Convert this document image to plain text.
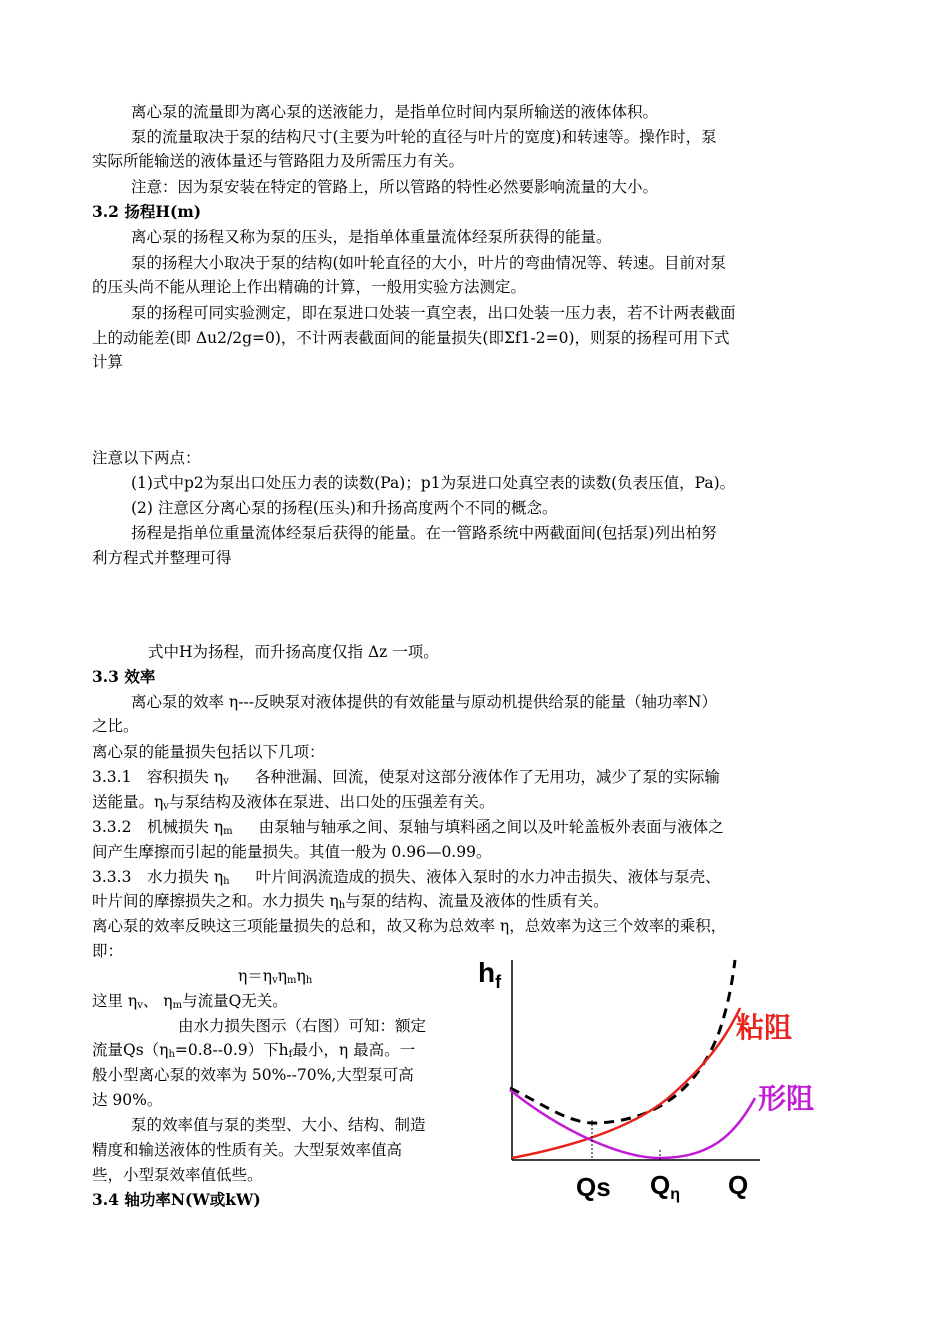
离心泵的流量即为离心泵的送液能力，是指单位时间内泵所输送的液体体积。
泵的流量取决于泵的结构尺寸(主要为叶轮的直径与叶片的宽度)和转速等。操作时，泵
实际所能输送的液体量还与管路阻力及所需压力有关。
注意：因为泵安装在特定的管路上，所以管路的特性必然要影响流量的大小。
3.2 扬程H(m)
离心泵的扬程又称为泵的压头，是指单体重量流体经泵所获得的能量。
泵的扬程大小取决于泵的结构(如叶轮直径的大小，叶片的弯曲情况等、转速。目前对泵
的压头尚不能从理论上作出精确的计算，一般用实验方法测定。
泵的扬程可同实验测定，即在泵进口处装一真空表，出口处装一压力表，若不计两表截面
上的动能差(即 Δu2/2g=0)，不计两表截面间的能量损失(即Σf1-2=0)，则泵的扬程可用下式
计算
注意以下两点：
(1)式中p2为泵出口处压力表的读数(Pa)；p1为泵进口处真空表的读数(负表压值，Pa)。
(2) 注意区分离心泵的扬程(压头)和升扬高度两个不同的概念。
扬程是指单位重量流体经泵后获得的能量。在一管路系统中两截面间(包括泵)列出柏努
利方程式并整理可得
式中H为扬程，而升扬高度仅指 Δz 一项。
3.3 效率
离心泵的效率 η---反映泵对液体提供的有效能量与原动机提供给泵的能量（轴功率N）
之比。
离心泵的能量损失包括以下几项：
3.3.1　容积损失 $\eta_v$ 各种泄漏、回流，使泵对这部分液体作了无用功，减少了泵的实际输
送能量。$\eta_v$与泵结构及液体在泵进、出口处的压强差有关。
3.3.2　机械损失 $\eta_m$ 由泵轴与轴承之间、泵轴与填料函之间以及叶轮盖板外表面与液体之
间产生摩擦而引起的能量损失。其值一般为 0.96—0.99。
3.3.3　水力损失 $\eta_h$ 叶片间涡流造成的损失、液体入泵时的水力冲击损失、液体与泵壳、
叶片间的摩擦损失之和。水力损失 $\eta_h$与泵的结构、流量及液体的性质有关。
离心泵的效率反映这三项能量损失的总和，故又称为总效率 η，总效率为这三个效率的乘积，
即：
$\eta=\eta_v\eta_m\eta_h$
这里 $\eta_v$、 $\eta_m$与流量Q无关。
由水力损失图示（右图）可知：额定
流量$Qs(\eta_h=0.8--0.9)$下$h_f$最小，η 最高。一
般小型离心泵的效率为 50%--70%,大型泵可高
达 90%。
泵的效率值与泵的类型、大小、结构、制造
精度和输送液体的性质有关。大型泵效率值高
些，小型泵效率值低些。
3.4 轴功率N(W或kW)
$h_f$
粘阻
形阻
Qs Qη Q
